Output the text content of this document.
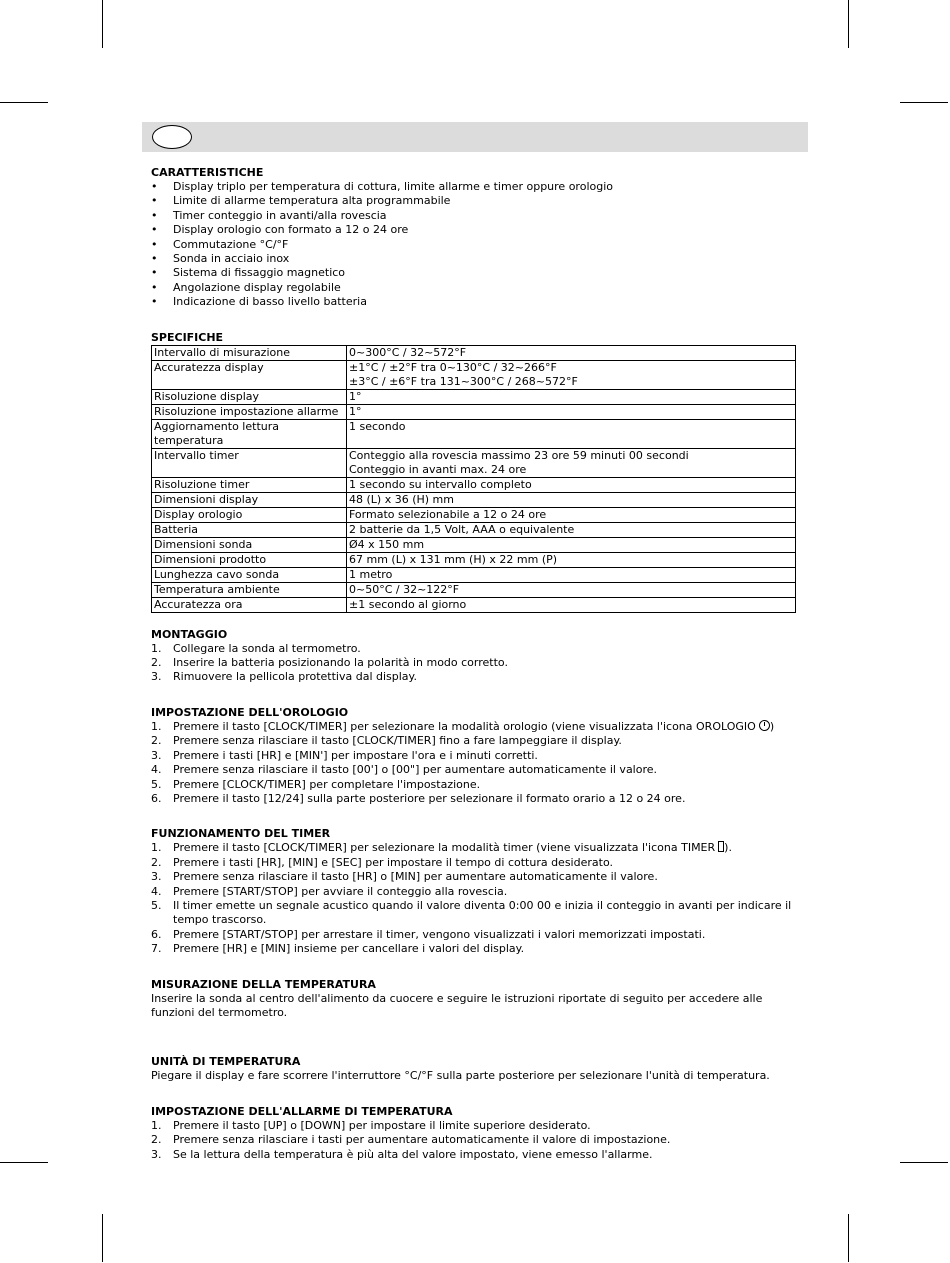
CARATTERISTICHE
• Display triplo per temperatura di cottura, limite allarme e timer oppure orologio
• Limite di allarme temperatura alta programmabile
• Timer conteggio in avanti/alla rovescia
• Display orologio con formato a 12 o 24 ore
• Commutazione °C/°F
• Sonda in acciaio inox
• Sistema di fissaggio magnetico
• Angolazione display regolabile
• Indicazione di basso livello batteria
SPECIFICHE
Intervallo di misurazione	0~300°C / 32~572°F

Accuratezza display	±1°C / ±2°F tra 0~130°C / 32~266°F
±3°C / ±6°F tra 131~300°C / 268~572°F

Risoluzione display	1°

Risoluzione impostazione allarme	1°

Aggiornamento lettura temperatura	1 secondo

Intervallo timer	Conteggio alla rovescia massimo 23 ore 59 minuti 00 secondi
Conteggio in avanti max. 24 ore

Risoluzione timer	1 secondo su intervallo completo

Dimensioni display	48 (L) x 36 (H) mm

Display orologio	Formato selezionabile a 12 o 24 ore

Batteria	2 batterie da 1,5 Volt, AAA o equivalente

Dimensioni sonda	Ø4 x 150 mm

Dimensioni prodotto	67 mm (L) x 131 mm (H) x 22 mm (P)

Lunghezza cavo sonda	1 metro

Temperatura ambiente	0~50°C / 32~122°F

Accuratezza ora	±1 secondo al giorno
MONTAGGIO
1.	Collegare la sonda al termometro.
2.	Inserire la batteria posizionando la polarità in modo corretto.
3.	Rimuovere la pellicola protettiva dal display.
IMPOSTAZIONE DELL'OROLOGIO
1.	Premere il tasto [CLOCK/TIMER] per selezionare la modalità orologio (viene visualizzata l'icona OROLOGIO )
2.	Premere senza rilasciare il tasto [CLOCK/TIMER] fino a fare lampeggiare il display.
3.	Premere i tasti [HR] e [MIN'] per impostare l'ora e i minuti corretti.
4.	Premere senza rilasciare il tasto [00'] o [00"] per aumentare automaticamente il valore.
5.	Premere [CLOCK/TIMER] per completare l'impostazione.
6.	Premere il tasto [12/24] sulla parte posteriore per selezionare il formato orario a 12 o 24 ore.
FUNZIONAMENTO DEL TIMER
1.	Premere il tasto [CLOCK/TIMER] per selezionare la modalità timer (viene visualizzata l'icona TIMER ).
2.	Premere i tasti [HR], [MIN] e [SEC] per impostare il tempo di cottura desiderato.
3.	Premere senza rilasciare il tasto [HR] o [MIN] per aumentare automaticamente il valore.
4.	Premere [START/STOP] per avviare il conteggio alla rovescia.
5.	Il timer emette un segnale acustico quando il valore diventa 0:00 00 e inizia il conteggio in avanti per indicare il tempo trascorso.
6.	Premere [START/STOP] per arrestare il timer, vengono visualizzati i valori memorizzati impostati.
7.	Premere [HR] e [MIN] insieme per cancellare i valori del display.
MISURAZIONE DELLA TEMPERATURA

Inserire la sonda al centro dell'alimento da cuocere e seguire le istruzioni riportate di seguito per accedere alle funzioni del termometro.

UNITÀ DI TEMPERATURA

Piegare il display e fare scorrere l'interruttore °C/°F sulla parte posteriore per selezionare l'unità di temperatura.

IMPOSTAZIONE DELL'ALLARME DI TEMPERATURA
1.	Premere il tasto [UP] o [DOWN] per impostare il limite superiore desiderato.
2.	Premere senza rilasciare i tasti per aumentare automaticamente il valore di impostazione.
3.	Se la lettura della temperatura è più alta del valore impostato, viene emesso l'allarme.
